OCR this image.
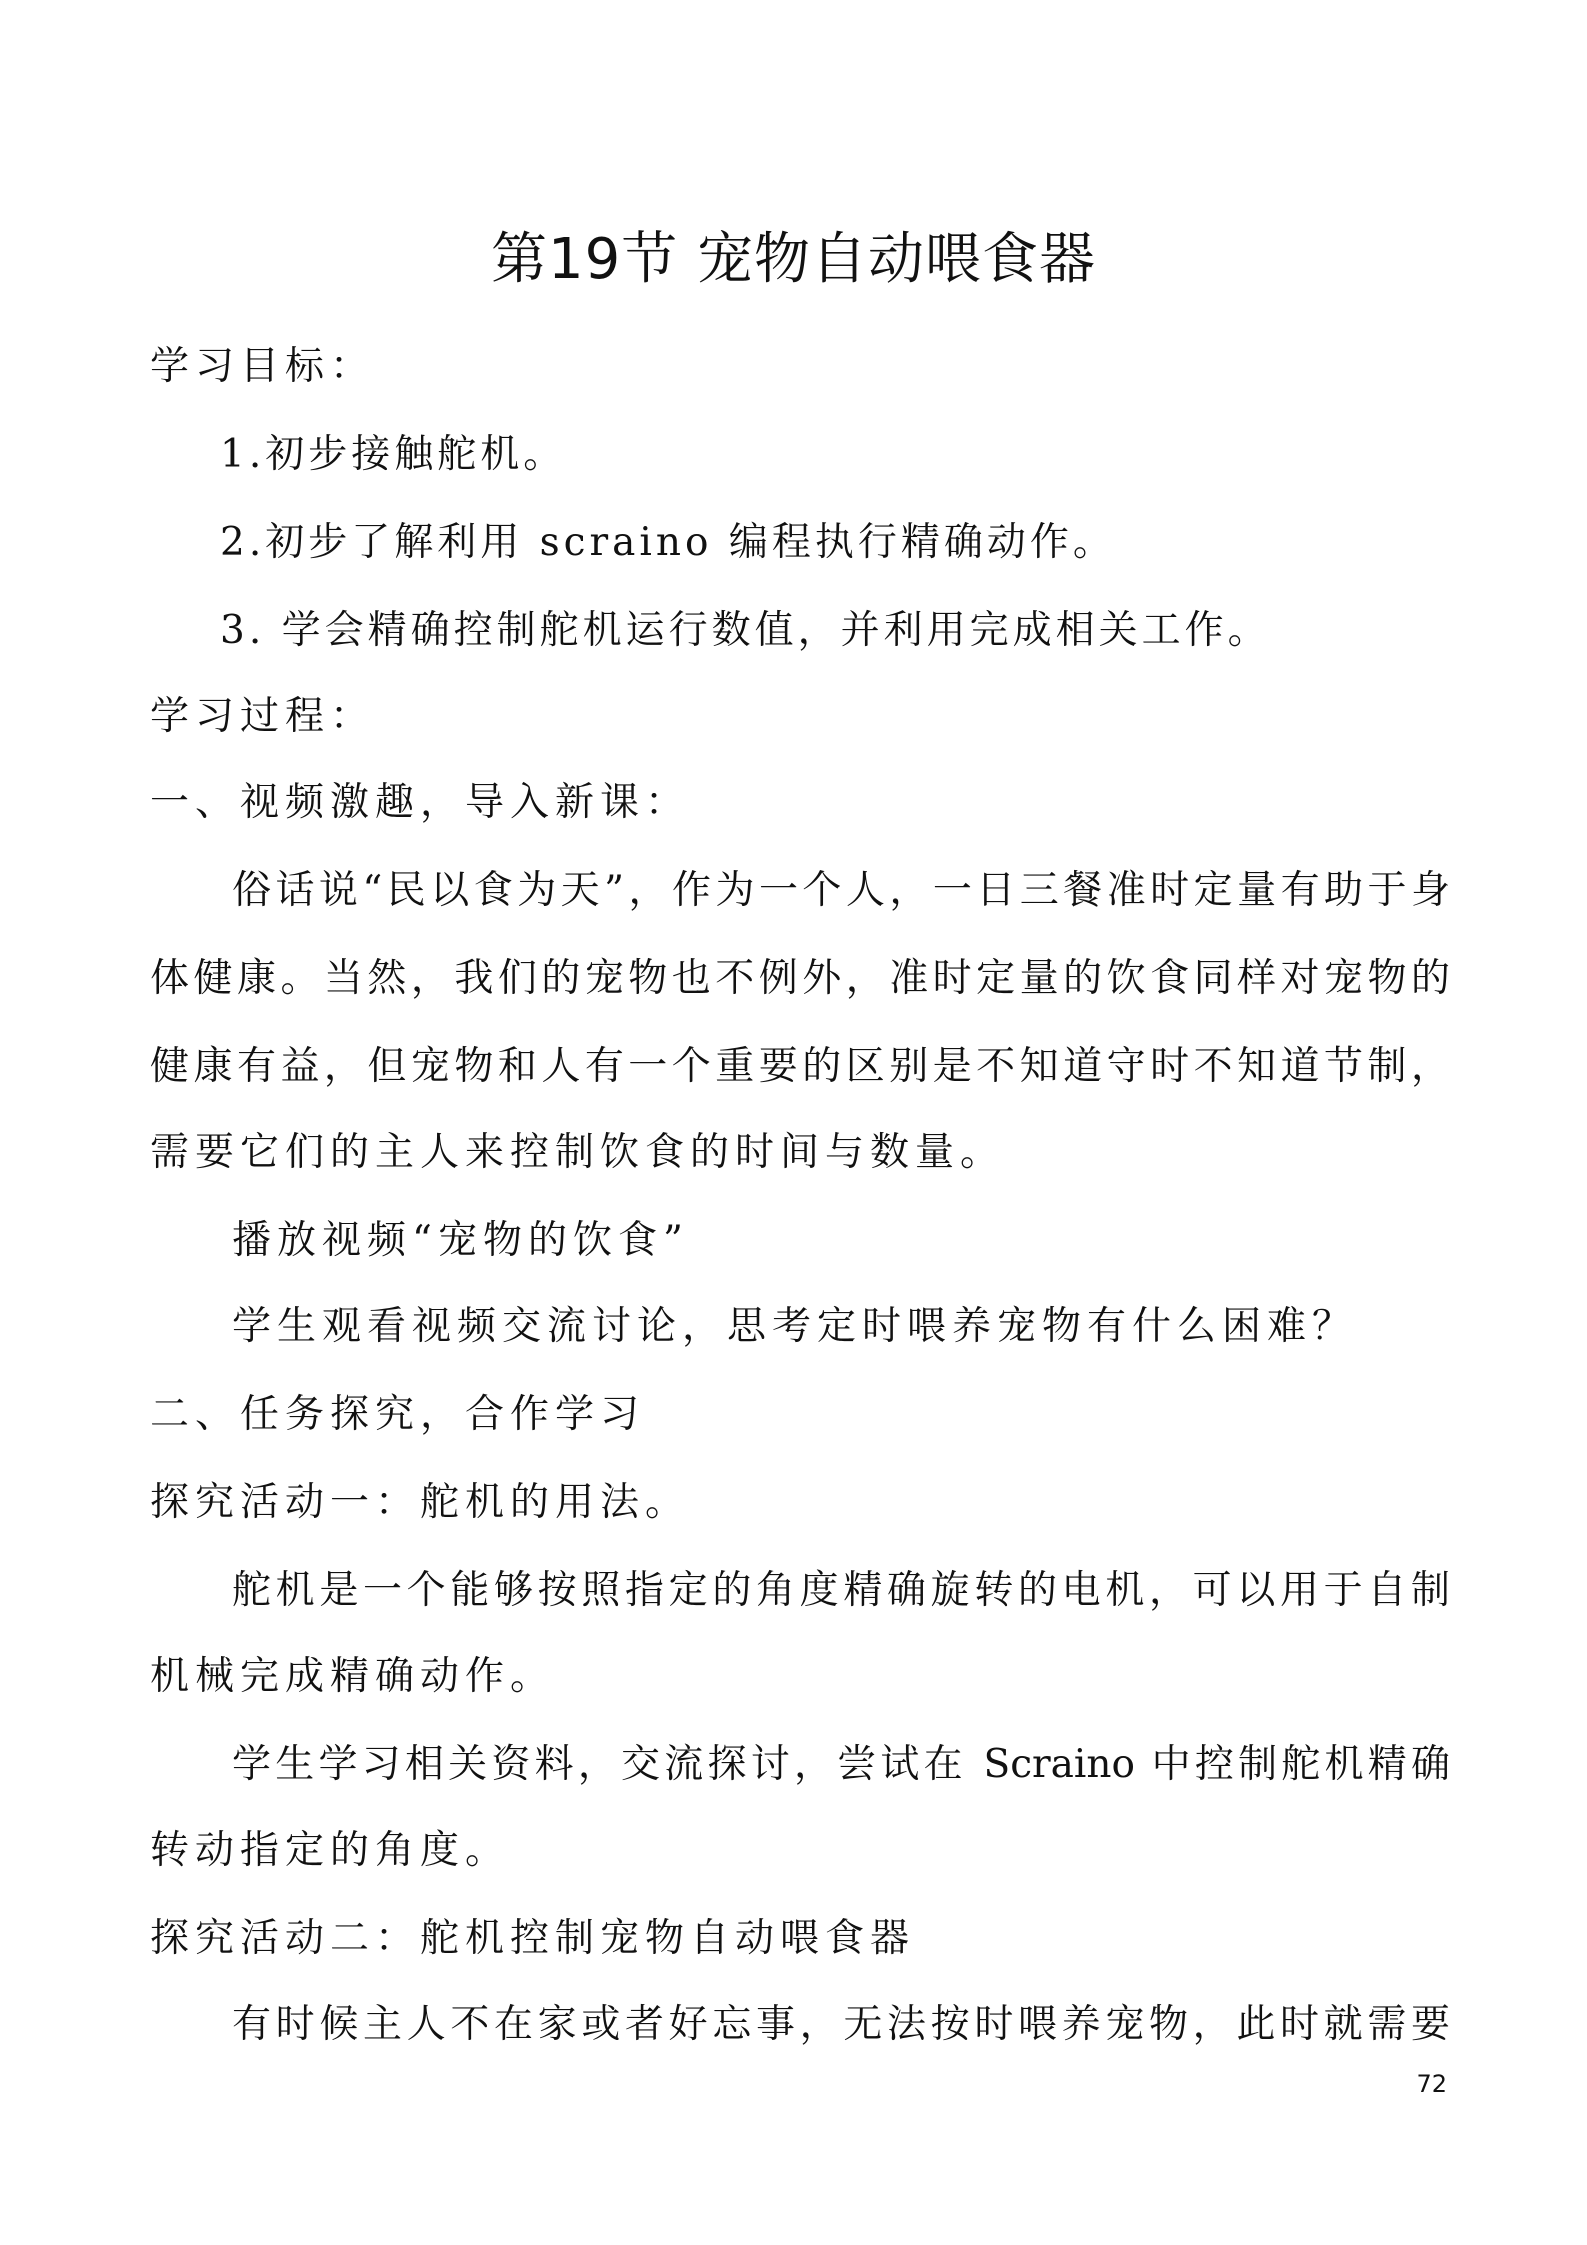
第19节 宠物自动喂食器
学习目标：
1.初步接触舵机。
2.初步了解利用 scraino 编程执行精确动作。
3. 学会精确控制舵机运行数值，并利用完成相关工作。
学习过程：
一、视频激趣，导入新课：
俗话说“民以食为天”，作为一个人，一日三餐准时定量有助于身
体健康。当然，我们的宠物也不例外，准时定量的饮食同样对宠物的
健康有益，但宠物和人有一个重要的区别是不知道守时不知道节制，
需要它们的主人来控制饮食的时间与数量。
播放视频“宠物的饮食”
学生观看视频交流讨论，思考定时喂养宠物有什么困难？
二、任务探究，合作学习
探究活动一：舵机的用法。
舵机是一个能够按照指定的角度精确旋转的电机，可以用于自制
机械完成精确动作。
学生学习相关资料，交流探讨，尝试在 Scraino 中控制舵机精确
转动指定的角度。
探究活动二：舵机控制宠物自动喂食器
有时候主人不在家或者好忘事，无法按时喂养宠物，此时就需要
72
